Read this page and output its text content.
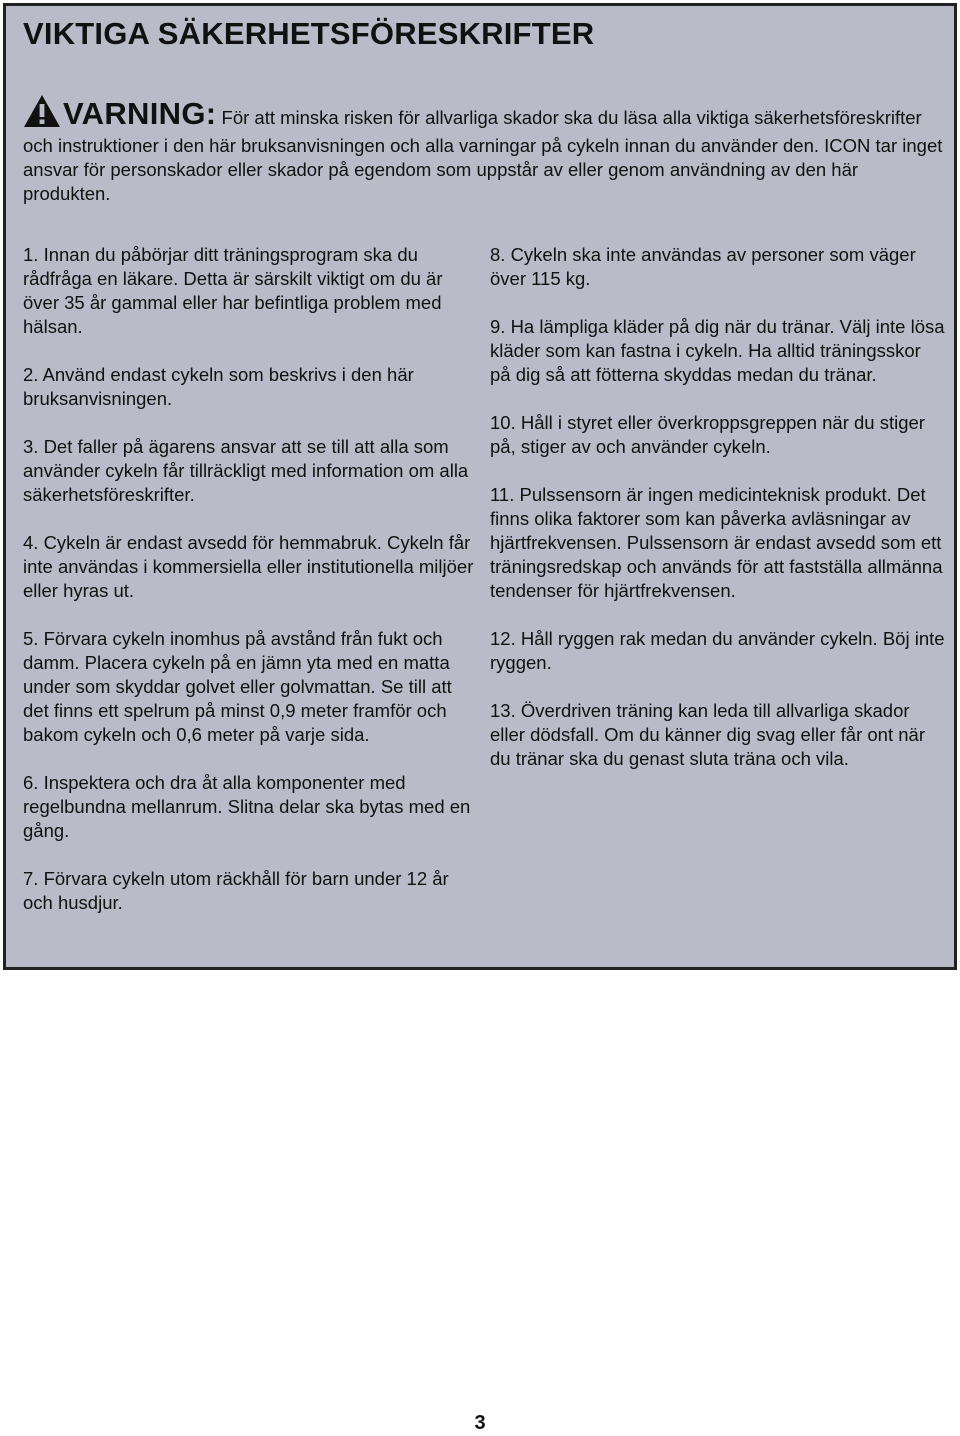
VIKTIGA SÄKERHETSFÖRESKRIFTER
VARNING: För att minska risken för allvarliga skador ska du läsa alla viktiga säkerhetsföreskrifter och instruktioner i den här bruksanvisningen och alla varningar på cykeln innan du använder den. ICON tar inget ansvar för personskador eller skador på egendom som uppstår av eller genom användning av den här produkten.

1. Innan du påbörjar ditt träningsprogram ska du rådfråga en läkare. Detta är särskilt viktigt om du är över 35 år gammal eller har befintliga problem med hälsan.

2. Använd endast cykeln som beskrivs i den här bruksanvisningen.

3. Det faller på ägarens ansvar att se till att alla som använder cykeln får tillräckligt med information om alla säkerhetsföreskrifter.

4. Cykeln är endast avsedd för hemmabruk. Cykeln får inte användas i kommersiella eller institutionella miljöer eller hyras ut.

5. Förvara cykeln inomhus på avstånd från fukt och damm. Placera cykeln på en jämn yta med en matta under som skyddar golvet eller golvmattan. Se till att det finns ett spelrum på minst 0,9 meter framför och bakom cykeln och 0,6 meter på varje sida.

6. Inspektera och dra åt alla komponenter med regelbundna mellanrum. Slitna delar ska bytas med en gång.

7. Förvara cykeln utom räckhåll för barn under 12 år och husdjur.

8. Cykeln ska inte användas av personer som väger över 115 kg.

9. Ha lämpliga kläder på dig när du tränar. Välj inte lösa kläder som kan fastna i cykeln. Ha alltid träningsskor på dig så att fötterna skyddas medan du tränar.

10. Håll i styret eller överkroppsgreppen när du stiger på, stiger av och använder cykeln.

11. Pulssensorn är ingen medicinteknisk produkt. Det finns olika faktorer som kan påverka avläsningar av hjärtfrekvensen. Pulssensorn är endast avsedd som ett träningsredskap och används för att fastställa allmänna tendenser för hjärtfrekvensen.

12. Håll ryggen rak medan du använder cykeln. Böj inte ryggen.

13. Överdriven träning kan leda till allvarliga skador eller dödsfall. Om du känner dig svag eller får ont när du tränar ska du genast sluta träna och vila.

3
